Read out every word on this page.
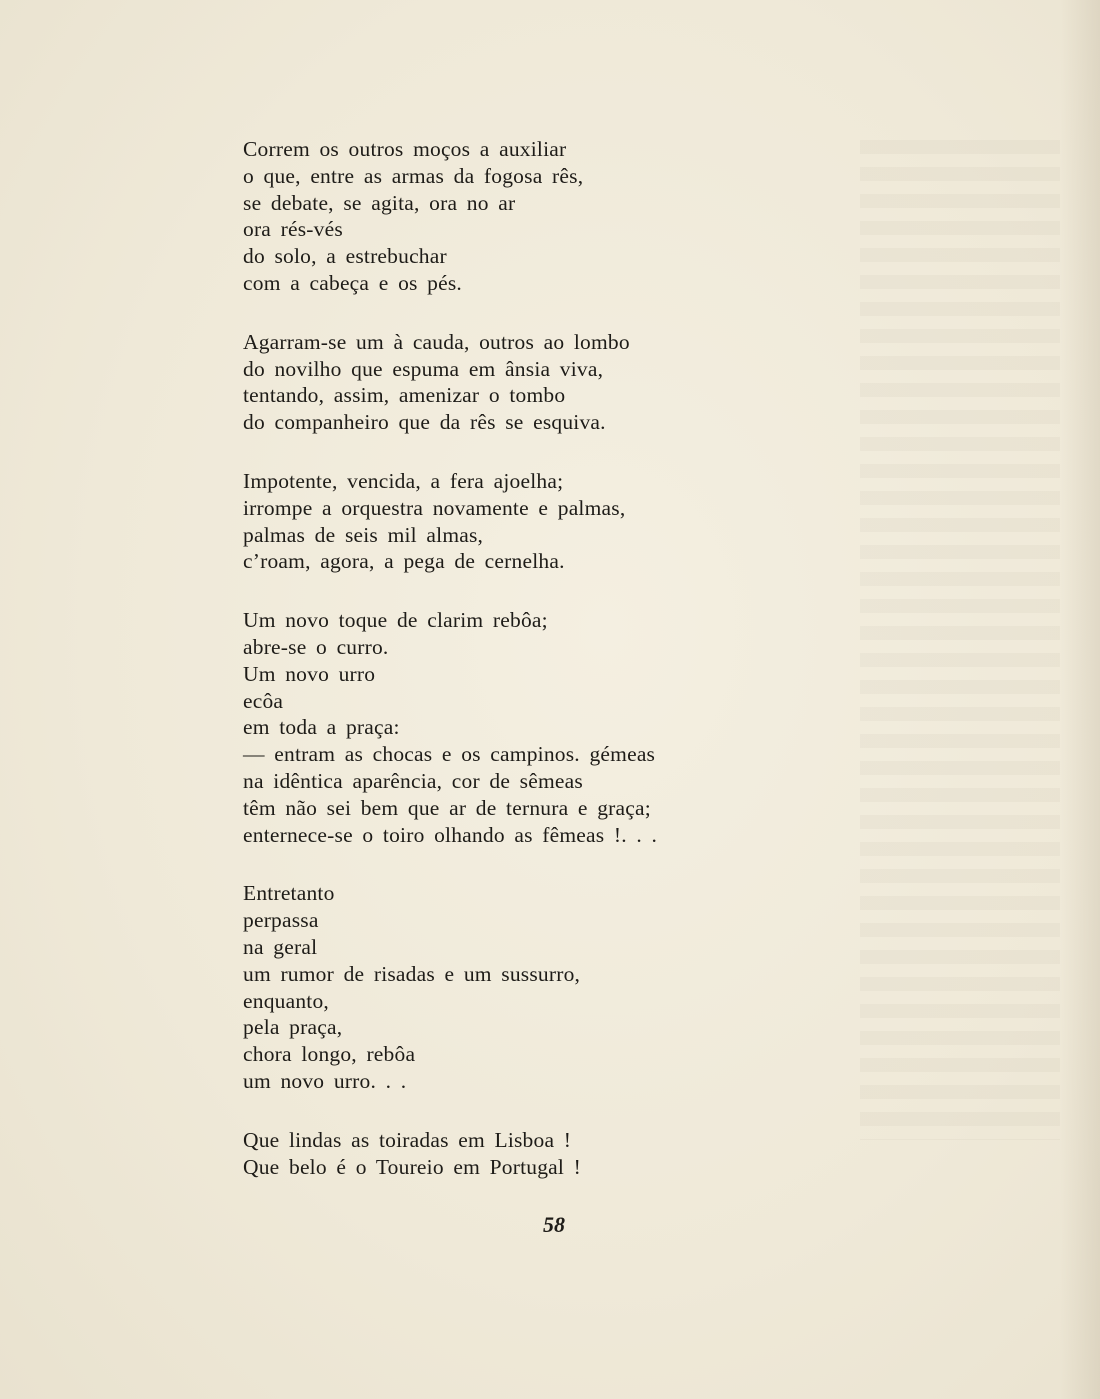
Correm os outros moços a auxiliar
o que, entre as armas da fogosa rês,
se debate, se agita, ora no ar
ora rés-vés
do solo, a estrebuchar
com a cabeça e os pés.
Agarram-se um à cauda, outros ao lombo
do novilho que espuma em ânsia viva,
tentando, assim, amenizar o tombo
do companheiro que da rês se esquiva.
Impotente, vencida, a fera ajoelha;
irrompe a orquestra novamente e palmas,
palmas de seis mil almas,
c’roam, agora, a pega de cernelha.
Um novo toque de clarim rebôa;
abre-se o curro.
Um novo urro
ecôa
em toda a praça:
— entram as chocas e os campinos. gémeas
na idêntica aparência, cor de sêmeas
têm não sei bem que ar de ternura e graça;
enternece-se o toiro olhando as fêmeas !. . .
Entretanto
perpassa
na geral
um rumor de risadas e um sussurro,
enquanto,
pela praça,
chora longo, rebôa
um novo urro. . .
Que lindas as toiradas em Lisboa !
Que belo é o Toureio em Portugal !
58
